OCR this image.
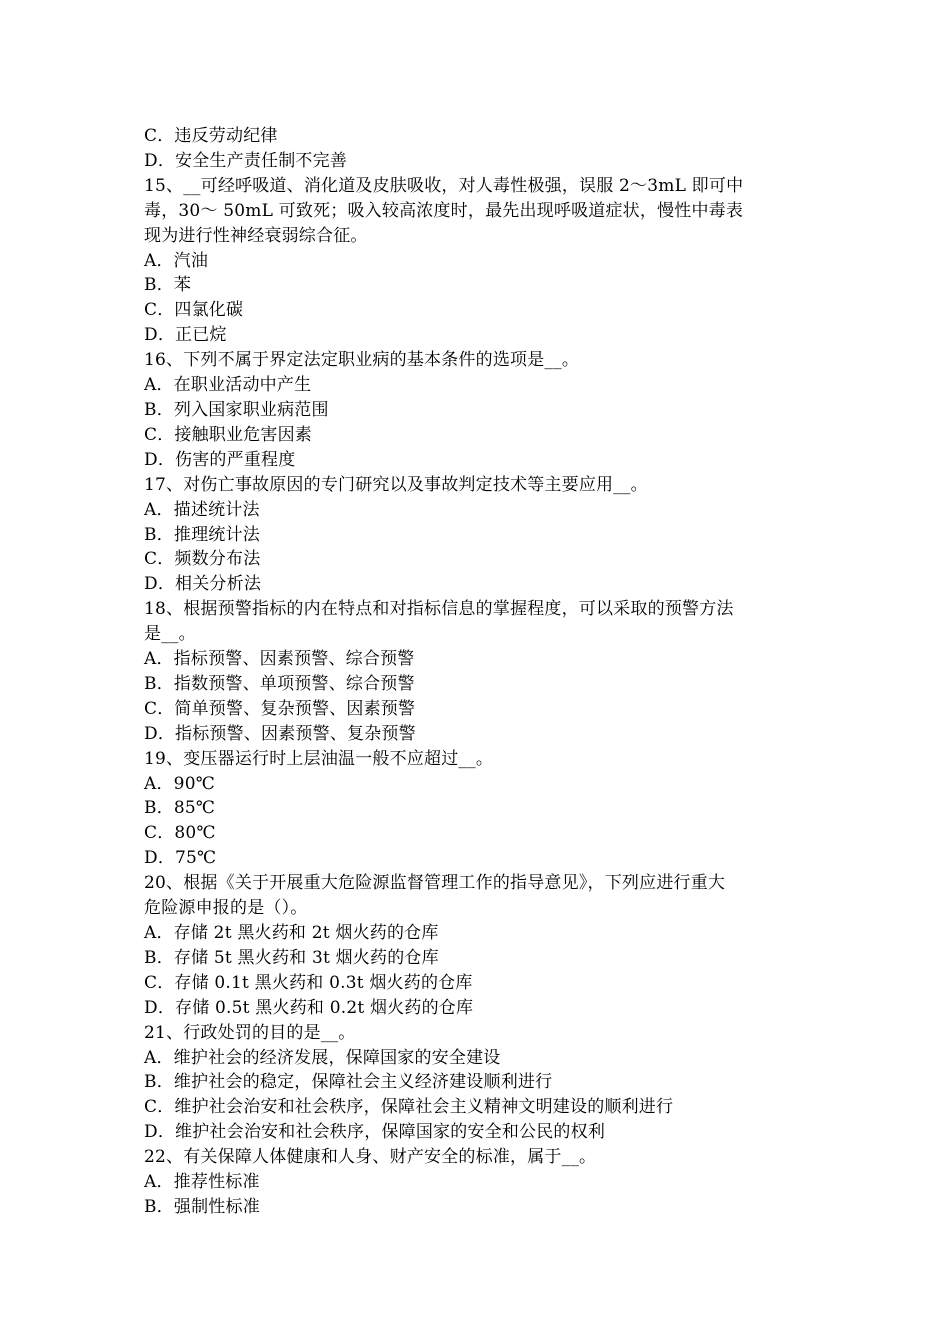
C．违反劳动纪律
D．安全生产责任制不完善
15、__可经呼吸道、消化道及皮肤吸收，对人毒性极强，误服 2～3mL 即可中
毒，30～ 50mL 可致死；吸入较高浓度时，最先出现呼吸道症状，慢性中毒表
现为进行性神经衰弱综合征。
A．汽油
B．苯
C．四氯化碳
D．正已烷
16、下列不属于界定法定职业病的基本条件的选项是__。
A．在职业活动中产生
B．列入国家职业病范围
C．接触职业危害因素
D．伤害的严重程度
17、对伤亡事故原因的专门研究以及事故判定技术等主要应用__。
A．描述统计法
B．推理统计法
C．频数分布法
D．相关分析法
18、根据预警指标的内在特点和对指标信息的掌握程度，可以采取的预警方法
是__。
A．指标预警、因素预警、综合预警
B．指数预警、单项预警、综合预警
C．简单预警、复杂预警、因素预警
D．指标预警、因素预警、复杂预警
19、变压器运行时上层油温一般不应超过__。
A．90℃
B．85℃
C．80℃
D．75℃
20、根据《关于开展重大危险源监督管理工作的指导意见》，下列应进行重大
危险源申报的是（）。
A．存储 2t 黑火药和 2t 烟火药的仓库
B．存储 5t 黑火药和 3t 烟火药的仓库
C．存储 0.1t 黑火药和 0.3t 烟火药的仓库
D．存储 0.5t 黑火药和 0.2t 烟火药的仓库
21、行政处罚的目的是__。
A．维护社会的经济发展，保障国家的安全建设
B．维护社会的稳定，保障社会主义经济建设顺利进行
C．维护社会治安和社会秩序，保障社会主义精神文明建设的顺利进行
D．维护社会治安和社会秩序，保障国家的安全和公民的权利
22、有关保障人体健康和人身、财产安全的标准，属于__。
A．推荐性标准
B．强制性标准
